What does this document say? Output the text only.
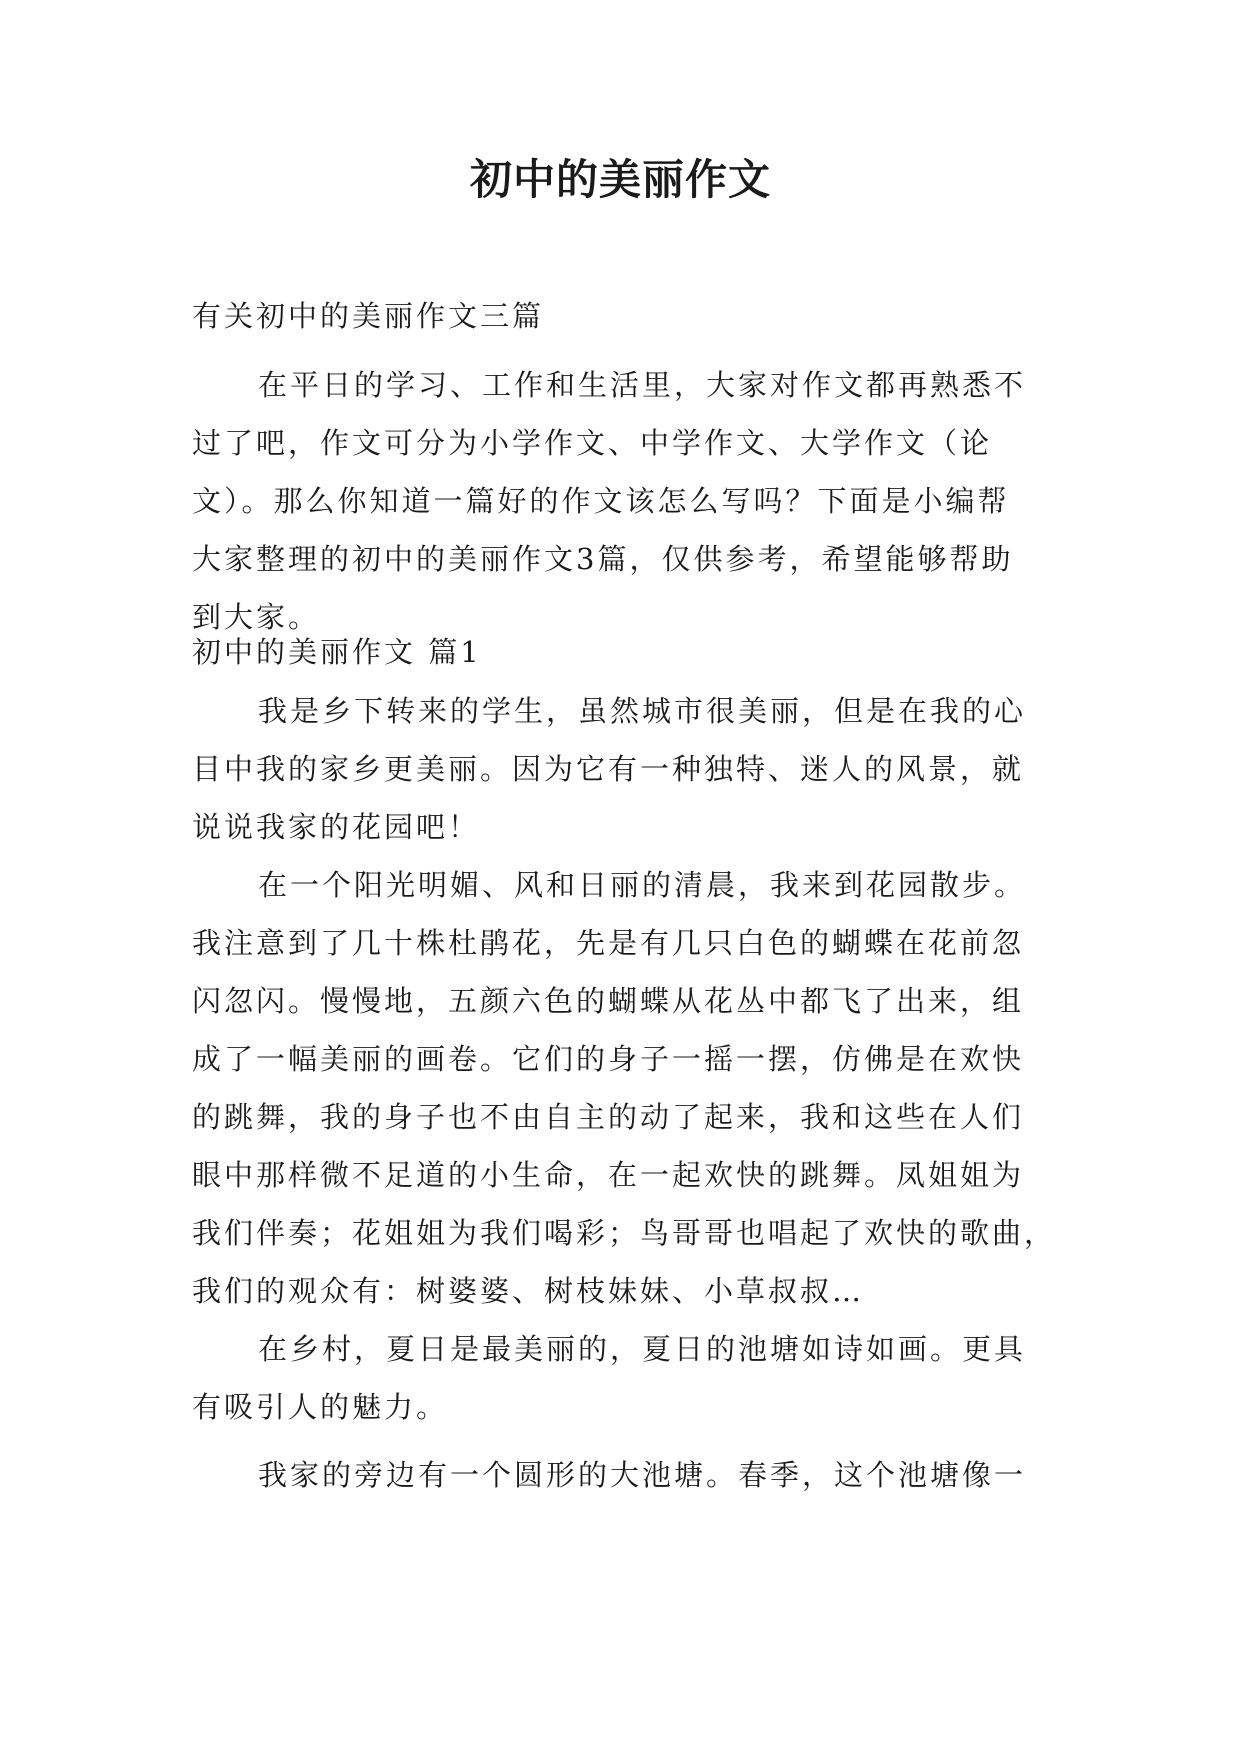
初中的美丽作文

有关初中的美丽作文三篇

在平日的学习、工作和生活里，大家对作文都再熟悉不
过了吧，作文可分为小学作文、中学作文、大学作文（论
文）。那么你知道一篇好的作文该怎么写吗？下面是小编帮
大家整理的初中的美丽作文3篇，仅供参考，希望能够帮助
到大家。
初中的美丽作文 篇1
我是乡下转来的学生，虽然城市很美丽，但是在我的心
目中我的家乡更美丽。因为它有一种独特、迷人的风景，就
说说我家的花园吧！
在一个阳光明媚、风和日丽的清晨，我来到花园散步。
我注意到了几十株杜鹃花，先是有几只白色的蝴蝶在花前忽
闪忽闪。慢慢地，五颜六色的蝴蝶从花丛中都飞了出来，组
成了一幅美丽的画卷。它们的身子一摇一摆，仿佛是在欢快
的跳舞，我的身子也不由自主的动了起来，我和这些在人们
眼中那样微不足道的小生命，在一起欢快的跳舞。凤姐姐为
我们伴奏；花姐姐为我们喝彩；鸟哥哥也唱起了欢快的歌曲，
我们的观众有：树婆婆、树枝妹妹、小草叔叔…
在乡村，夏日是最美丽的，夏日的池塘如诗如画。更具
有吸引人的魅力。
我家的旁边有一个圆形的大池塘。春季，这个池塘像一
